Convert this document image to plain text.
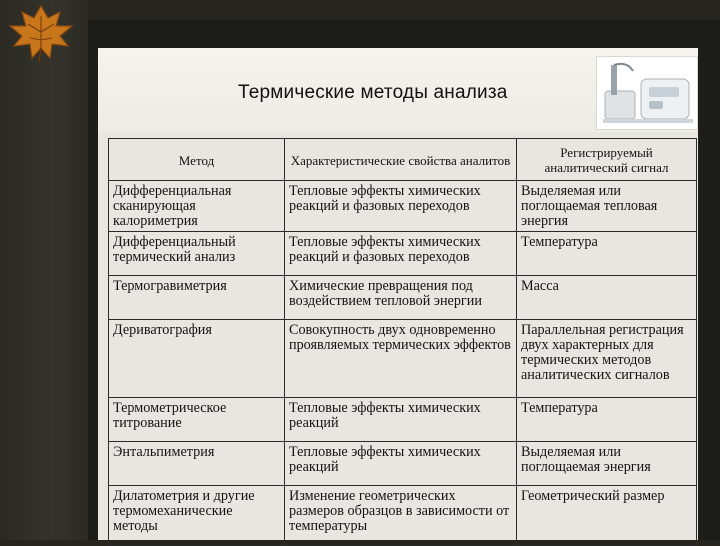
Термические методы анализа
Метод	Характеристические свойства аналитов	Регистрируемый аналитический сигнал
Дифференциальная сканирующая калориметрия	Тепловые эффекты химических реакций и фазовых переходов	Выделяемая или поглощаемая тепловая энергия
Дифференциальный термический анализ	Тепловые эффекты химических реакций и фазовых переходов	Температура
Термогравиметрия	Химические превращения под воздействием тепловой энергии	Масса
Дериватография	Совокупность двух одновременно проявляемых термических эффектов	Параллельная регистрация двух характерных для термических методов аналитических сигналов
Термометрическое титрование	Тепловые эффекты химических реакций	Температура
Энтальпиметрия	Тепловые эффекты химических реакций	Выделяемая или поглощаемая энергия
Дилатометрия и другие термомеханические методы	Изменение геометрических размеров образцов в зависимости от температуры	Геометрический размер
